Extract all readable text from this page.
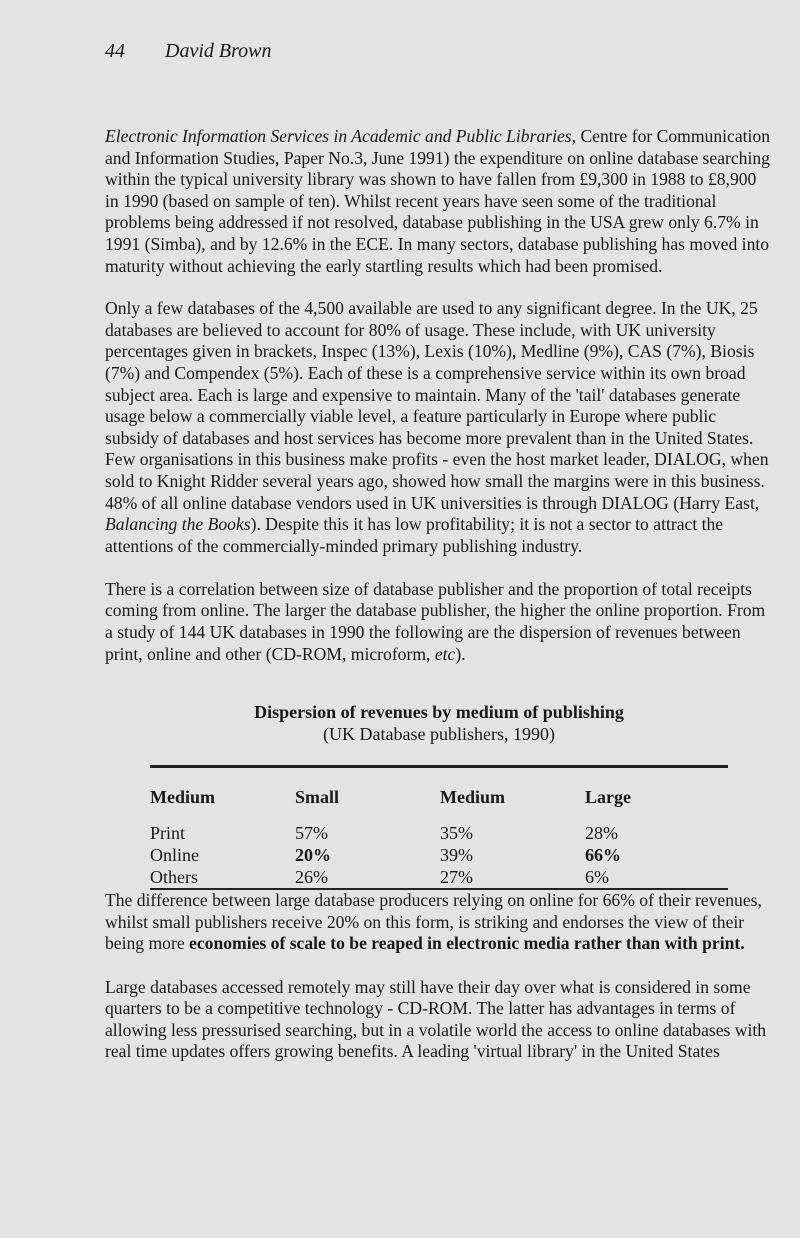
44 David Brown

Electronic Information Services in Academic and Public Libraries, Centre for Communication and Information Studies, Paper No.3, June 1991) the expenditure on online database searching within the typical university library was shown to have fallen from £9,300 in 1988 to £8,900 in 1990 (based on sample of ten). Whilst recent years have seen some of the traditional problems being addressed if not resolved, database publishing in the USA grew only 6.7% in 1991 (Simba), and by 12.6% in the ECE. In many sectors, database publishing has moved into maturity without achieving the early startling results which had been promised.

Only a few databases of the 4,500 available are used to any significant degree. In the UK, 25 databases are believed to account for 80% of usage. These include, with UK university percentages given in brackets, Inspec (13%), Lexis (10%), Medline (9%), CAS (7%), Biosis (7%) and Compendex (5%). Each of these is a comprehensive service within its own broad subject area. Each is large and expensive to maintain. Many of the 'tail' databases generate usage below a commercially viable level, a feature particularly in Europe where public subsidy of databases and host services has become more prevalent than in the United States. Few organisations in this business make profits - even the host market leader, DIALOG, when sold to Knight Ridder several years ago, showed how small the margins were in this business. 48% of all online database vendors used in UK universities is through DIALOG (Harry East, Balancing the Books). Despite this it has low profitability; it is not a sector to attract the attentions of the commercially-minded primary publishing industry.

There is a correlation between size of database publisher and the proportion of total receipts coming from online. The larger the database publisher, the higher the online proportion. From a study of 144 UK databases in 1990 the following are the dispersion of revenues between print, online and other (CD-ROM, microform, etc).

Dispersion of revenues by medium of publishing
(UK Database publishers, 1990)
Medium	Small	Medium	Large
Print	57%	35%	28%
Online	20%	39%	66%
Others	26%	27%	6%

The difference between large database producers relying on online for 66% of their revenues, whilst small publishers receive 20% on this form, is striking and endorses the view of their being more economies of scale to be reaped in electronic media rather than with print.

Large databases accessed remotely may still have their day over what is considered in some quarters to be a competitive technology - CD-ROM. The latter has advantages in terms of allowing less pressurised searching, but in a volatile world the access to online databases with real time updates offers growing benefits. A leading 'virtual library' in the United States
